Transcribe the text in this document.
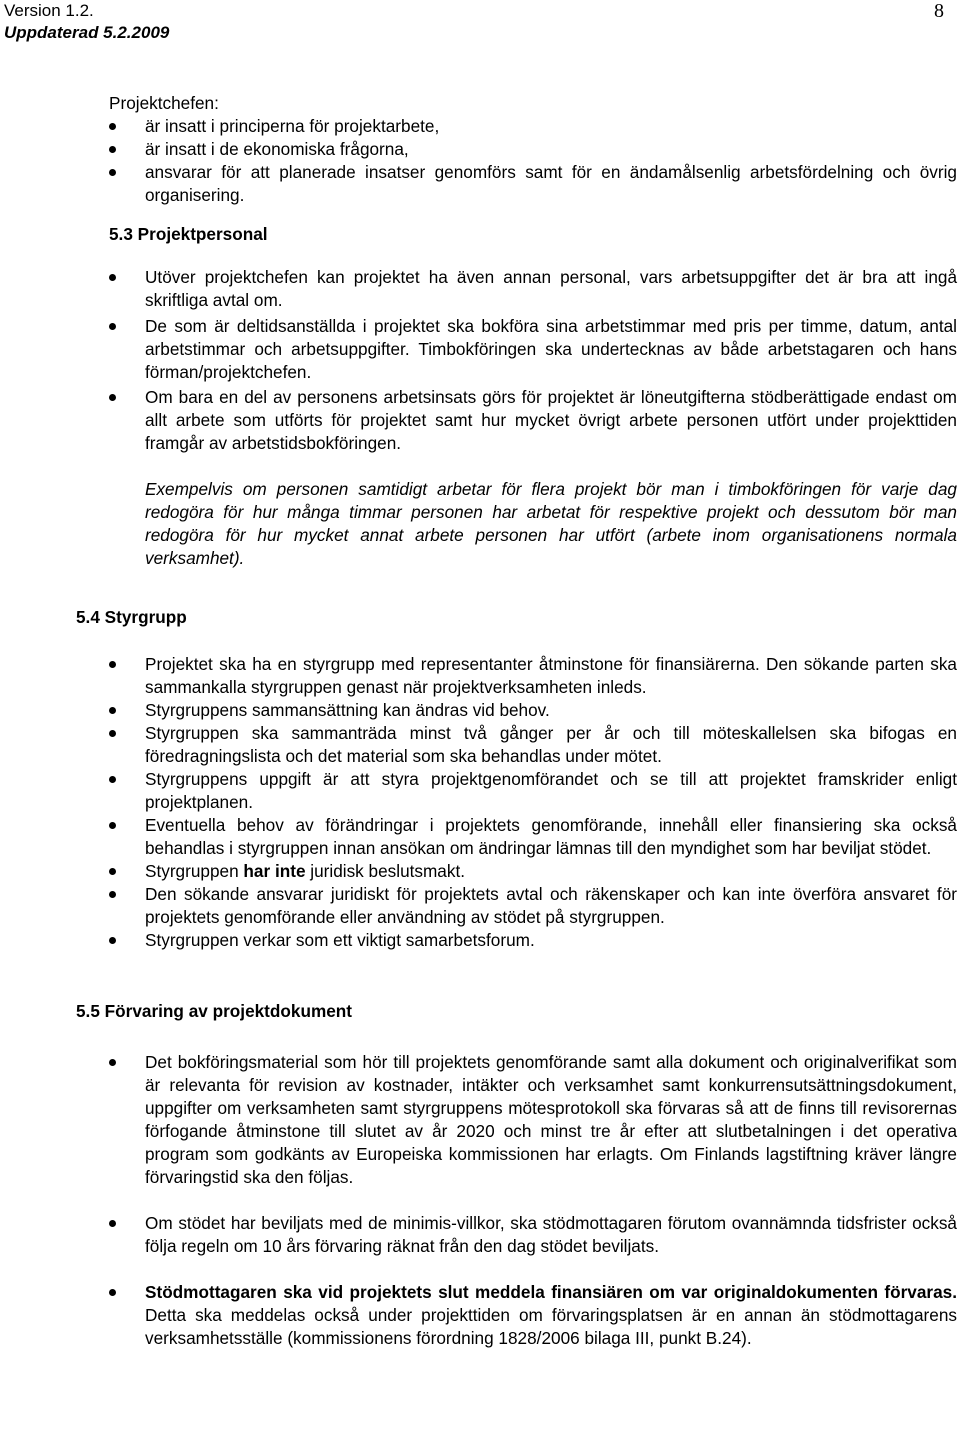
Version 1.2.
Uppdaterad 5.2.2009
8

Projektchefen:

är insatt i principerna för projektarbete,
är insatt i de ekonomiska frågorna,
ansvarar för att planerade insatser genomförs samt för en ändamålsenlig arbetsfördelning och övrig organisering.

5.3 Projektpersonal

Utöver projektchefen kan projektet ha även annan personal, vars arbetsuppgifter det är bra att ingå skriftliga avtal om.
De som är deltidsanställda i projektet ska bokföra sina arbetstimmar med pris per timme, datum, antal arbetstimmar och arbetsuppgifter. Timbokföringen ska undertecknas av både arbetstagaren och hans förman/projektchefen.
Om bara en del av personens arbetsinsats görs för projektet är löneutgifterna stödberättigade endast om allt arbete som utförts för projektet samt hur mycket övrigt arbete personen utfört under projekttiden framgår av arbetstidsbokföringen.

Exempelvis om personen samtidigt arbetar för flera projekt bör man i timbokföringen för varje dag redogöra för hur många timmar personen har arbetat för respektive projekt och dessutom bör man redogöra för hur mycket annat arbete personen har utfört (arbete inom organisationens normala verksamhet).

5.4 Styrgrupp

Projektet ska ha en styrgrupp med representanter åtminstone för finansiärerna. Den sökande parten ska sammankalla styrgruppen genast när projektverksamheten inleds.
Styrgruppens sammansättning kan ändras vid behov.
Styrgruppen ska sammanträda minst två gånger per år och till möteskallelsen ska bifogas en föredragningslista och det material som ska behandlas under mötet.
Styrgruppens uppgift är att styra projektgenomförandet och se till att projektet framskrider enligt projektplanen.
Eventuella behov av förändringar i projektets genomförande, innehåll eller finansiering ska också behandlas i styrgruppen innan ansökan om ändringar lämnas till den myndighet som har beviljat stödet.
Styrgruppen har inte juridisk beslutsmakt.
Den sökande ansvarar juridiskt för projektets avtal och räkenskaper och kan inte överföra ansvaret för projektets genomförande eller användning av stödet på styrgruppen.
Styrgruppen verkar som ett viktigt samarbetsforum.

5.5 Förvaring av projektdokument

Det bokföringsmaterial som hör till projektets genomförande samt alla dokument och originalverifikat som är relevanta för revision av kostnader, intäkter och verksamhet samt konkurrensutsättningsdokument, uppgifter om verksamheten samt styrgruppens mötesprotokoll ska förvaras så att de finns till revisorernas förfogande åtminstone till slutet av år 2020 och minst tre år efter att slutbetalningen i det operativa program som godkänts av Europeiska kommissionen har erlagts. Om Finlands lagstiftning kräver längre förvaringstid ska den följas.
Om stödet har beviljats med de minimis-villkor, ska stödmottagaren förutom ovannämnda tidsfrister också följa regeln om 10 års förvaring räknat från den dag stödet beviljats.
Stödmottagaren ska vid projektets slut meddela finansiären om var originaldokumenten förvaras. Detta ska meddelas också under projekttiden om förvaringsplatsen är en annan än stödmottagarens verksamhetsställe (kommissionens förordning 1828/2006 bilaga III, punkt B.24).
